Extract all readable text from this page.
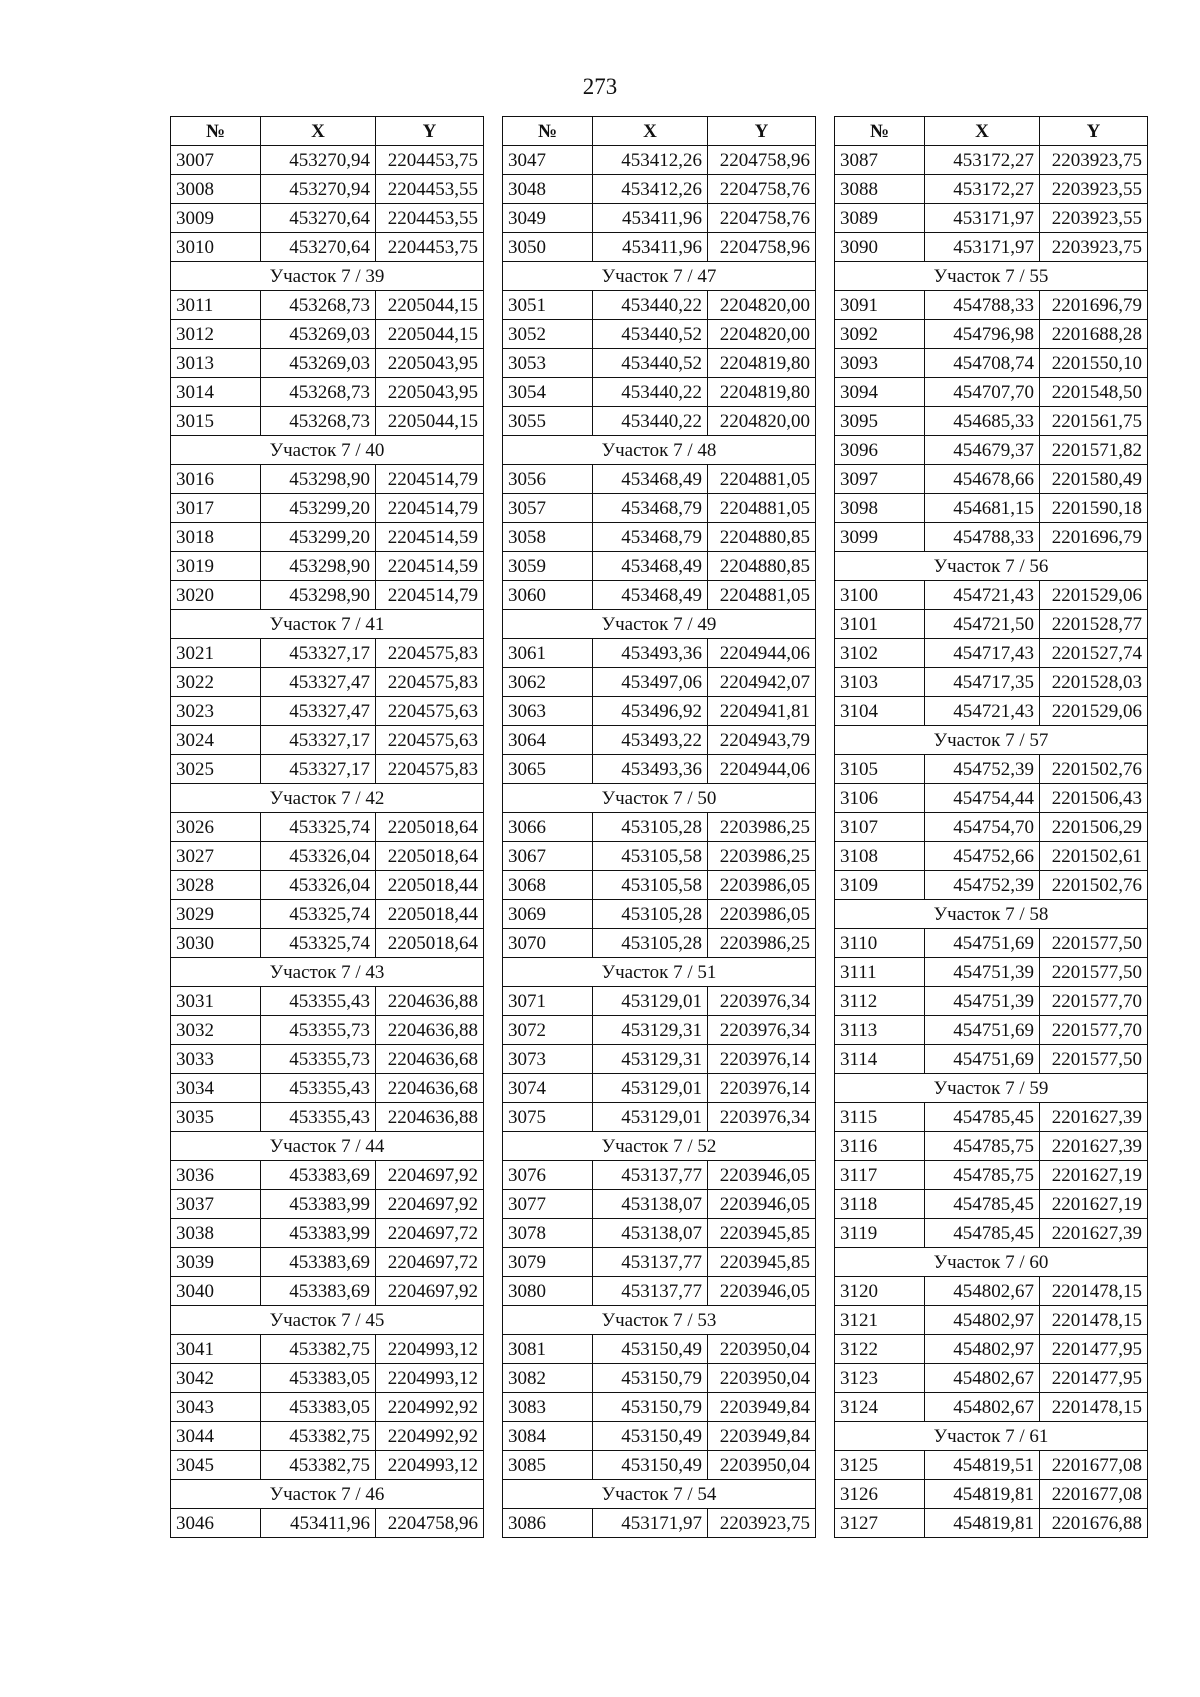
273
№	X	Y
3007	453270,94	2204453,75
3008	453270,94	2204453,55
3009	453270,64	2204453,55
3010	453270,64	2204453,75
Участок 7 / 39		
3011	453268,73	2205044,15
3012	453269,03	2205044,15
3013	453269,03	2205043,95
3014	453268,73	2205043,95
3015	453268,73	2205044,15
Участок 7 / 40		
3016	453298,90	2204514,79
3017	453299,20	2204514,79
3018	453299,20	2204514,59
3019	453298,90	2204514,59
3020	453298,90	2204514,79
Участок 7 / 41		
3021	453327,17	2204575,83
3022	453327,47	2204575,83
3023	453327,47	2204575,63
3024	453327,17	2204575,63
3025	453327,17	2204575,83
Участок 7 / 42		
3026	453325,74	2205018,64
3027	453326,04	2205018,64
3028	453326,04	2205018,44
3029	453325,74	2205018,44
3030	453325,74	2205018,64
Участок 7 / 43		
3031	453355,43	2204636,88
3032	453355,73	2204636,88
3033	453355,73	2204636,68
3034	453355,43	2204636,68
3035	453355,43	2204636,88
Участок 7 / 44		
3036	453383,69	2204697,92
3037	453383,99	2204697,92
3038	453383,99	2204697,72
3039	453383,69	2204697,72
3040	453383,69	2204697,92
Участок 7 / 45		
3041	453382,75	2204993,12
3042	453383,05	2204993,12
3043	453383,05	2204992,92
3044	453382,75	2204992,92
3045	453382,75	2204993,12
Участок 7 / 46		
3046	453411,96	2204758,96
№	X	Y
3047	453412,26	2204758,96
3048	453412,26	2204758,76
3049	453411,96	2204758,76
3050	453411,96	2204758,96
Участок 7 / 47		
3051	453440,22	2204820,00
3052	453440,52	2204820,00
3053	453440,52	2204819,80
3054	453440,22	2204819,80
3055	453440,22	2204820,00
Участок 7 / 48		
3056	453468,49	2204881,05
3057	453468,79	2204881,05
3058	453468,79	2204880,85
3059	453468,49	2204880,85
3060	453468,49	2204881,05
Участок 7 / 49		
3061	453493,36	2204944,06
3062	453497,06	2204942,07
3063	453496,92	2204941,81
3064	453493,22	2204943,79
3065	453493,36	2204944,06
Участок 7 / 50		
3066	453105,28	2203986,25
3067	453105,58	2203986,25
3068	453105,58	2203986,05
3069	453105,28	2203986,05
3070	453105,28	2203986,25
Участок 7 / 51		
3071	453129,01	2203976,34
3072	453129,31	2203976,34
3073	453129,31	2203976,14
3074	453129,01	2203976,14
3075	453129,01	2203976,34
Участок 7 / 52		
3076	453137,77	2203946,05
3077	453138,07	2203946,05
3078	453138,07	2203945,85
3079	453137,77	2203945,85
3080	453137,77	2203946,05
Участок 7 / 53		
3081	453150,49	2203950,04
3082	453150,79	2203950,04
3083	453150,79	2203949,84
3084	453150,49	2203949,84
3085	453150,49	2203950,04
Участок 7 / 54		
3086	453171,97	2203923,75
№	X	Y
3087	453172,27	2203923,75
3088	453172,27	2203923,55
3089	453171,97	2203923,55
3090	453171,97	2203923,75
Участок 7 / 55		
3091	454788,33	2201696,79
3092	454796,98	2201688,28
3093	454708,74	2201550,10
3094	454707,70	2201548,50
3095	454685,33	2201561,75
3096	454679,37	2201571,82
3097	454678,66	2201580,49
3098	454681,15	2201590,18
3099	454788,33	2201696,79
Участок 7 / 56		
3100	454721,43	2201529,06
3101	454721,50	2201528,77
3102	454717,43	2201527,74
3103	454717,35	2201528,03
3104	454721,43	2201529,06
Участок 7 / 57		
3105	454752,39	2201502,76
3106	454754,44	2201506,43
3107	454754,70	2201506,29
3108	454752,66	2201502,61
3109	454752,39	2201502,76
Участок 7 / 58		
3110	454751,69	2201577,50
3111	454751,39	2201577,50
3112	454751,39	2201577,70
3113	454751,69	2201577,70
3114	454751,69	2201577,50
Участок 7 / 59		
3115	454785,45	2201627,39
3116	454785,75	2201627,39
3117	454785,75	2201627,19
3118	454785,45	2201627,19
3119	454785,45	2201627,39
Участок 7 / 60		
3120	454802,67	2201478,15
3121	454802,97	2201478,15
3122	454802,97	2201477,95
3123	454802,67	2201477,95
3124	454802,67	2201478,15
Участок 7 / 61		
3125	454819,51	2201677,08
3126	454819,81	2201677,08
3127	454819,81	2201676,88
